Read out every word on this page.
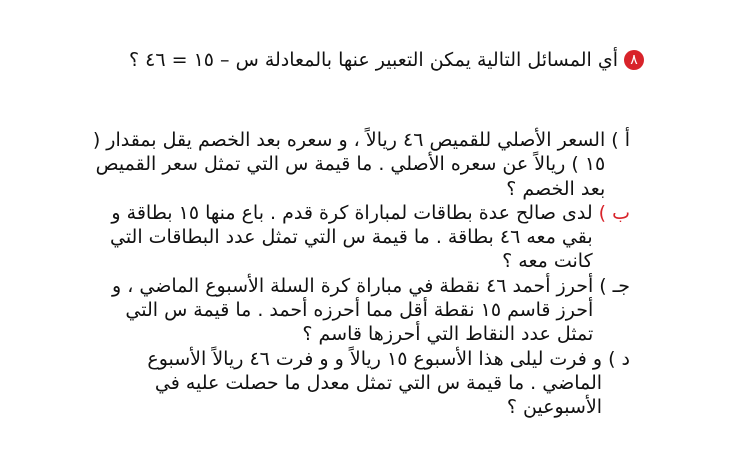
٨
أي المسائل التالية يمكن التعبير عنها بالمعادلة س – ١٥ = ٤٦ ؟
أ )
السعر الأصلي للقميص ٤٦ ريالاً ، و سعره بعد الخصم يقل بمقدار ( ١٥ ) ريالاً عن سعره الأصلي . ما قيمة س التي تمثل سعر القميص بعد الخصم ؟
ب )
لدى صالح عدة بطاقات لمباراة كرة قدم . باع منها ١٥ بطاقة و بقي معه ٤٦ بطاقة . ما قيمة س التي تمثل عدد البطاقات التي كانت معه ؟
جـ )
أحرز أحمد ٤٦ نقطة في مباراة كرة السلة الأسبوع الماضي ، و أحرز قاسم ١٥ نقطة أقل مما أحرزه أحمد . ما قيمة س التي تمثل عدد النقاط التي أحرزها قاسم ؟
د )
و فرت ليلى هذا الأسبوع ١٥ ريالاً و و فرت ٤٦ ريالاً الأسبوع الماضي . ما قيمة س التي تمثل معدل ما حصلت عليه في الأسبوعين ؟
